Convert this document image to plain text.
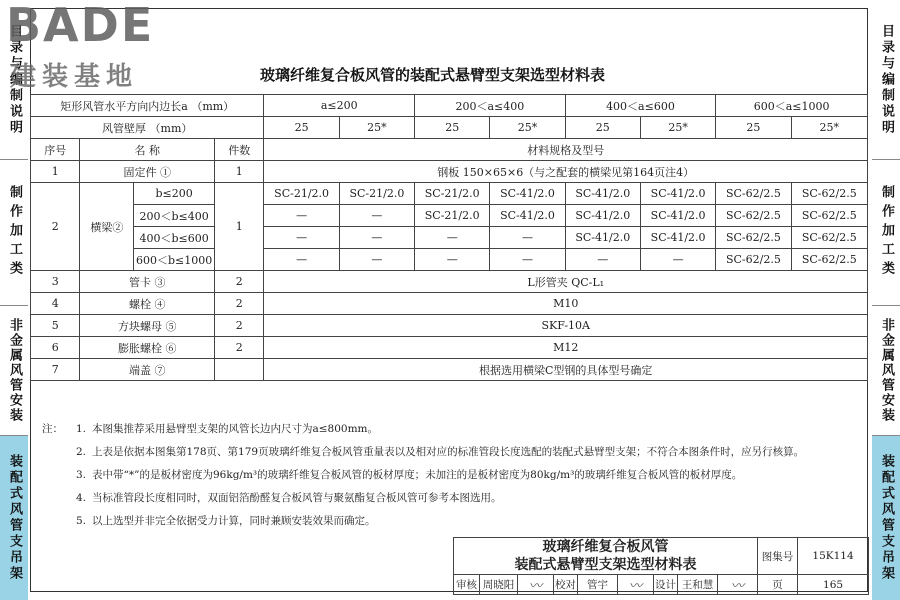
目录与编制说明
制作加工类
非金属风管安装
装配式风管支吊架
目录与编制说明
制作加工类
非金属风管安装
装配式风管支吊架
BADE
建装基地	玻璃纤维复合板风管的装配式悬臂型支架选型材料表
矩形风管水平方向内边长a （mm）				a≤200		200＜a≤400		400＜a≤600		600＜a≤1000	
风管壁厚 （mm）				25	25*	25	25*	25	25*	25	25*
序号	名 称		件数	材料规格及型号							
1	固定件 ①		1	钢板 150×65×6（与之配套的横梁见第164页注4）							
2	横梁②	b≤200	1	SC-21/2.0	SC-21/2.0	SC-21/2.0	SC-41/2.0	SC-41/2.0	SC-41/2.0	SC-62/2.5	SC-62/2.5
		200＜b≤400		—	—	SC-21/2.0	SC-41/2.0	SC-41/2.0	SC-41/2.0	SC-62/2.5	SC-62/2.5
		400＜b≤600		—	—	—	—	SC-41/2.0	SC-41/2.0	SC-62/2.5	SC-62/2.5
		600＜b≤1000		—	—	—	—	—	—	SC-62/2.5	SC-62/2.5
3	管卡 ③		2	L形管夹 QC-L₁							
4	螺栓 ④		2	M10							
5	方块螺母 ⑤		2	SKF-10A							
6	膨胀螺栓 ⑥		2	M12							
7	端盖 ⑦			根据选用横梁C型钢的具体型号确定							
注：	1. 本图集推荐采用悬臂型支架的风管长边内尺寸为a≤800mm。
2. 上表是依据本图集第178页、第179页玻璃纤维复合板风管重量表以及相对应的标准管段长度选配的装配式悬臂型支架；不符合本图条件时，应另行核算。
3. 表中带“*”的是板材密度为96kg/m³的玻璃纤维复合板风管的板材厚度；未加注的是板材密度为80kg/m³的玻璃纤维复合板风管的板材厚度。
4. 当标准管段长度相同时，双面铝箔酚醛复合板风管与聚氨酯复合板风管可参考本图选用。
5. 以上选型并非完全依据受力计算，同时兼顾安装效果而确定。
玻璃纤维复合板风管
装配式悬臂型支架选型材料表									图集号	15K114
审核	周晓阳	〰	校对	管宇	〰	设计	王和慧	〰	页	165
